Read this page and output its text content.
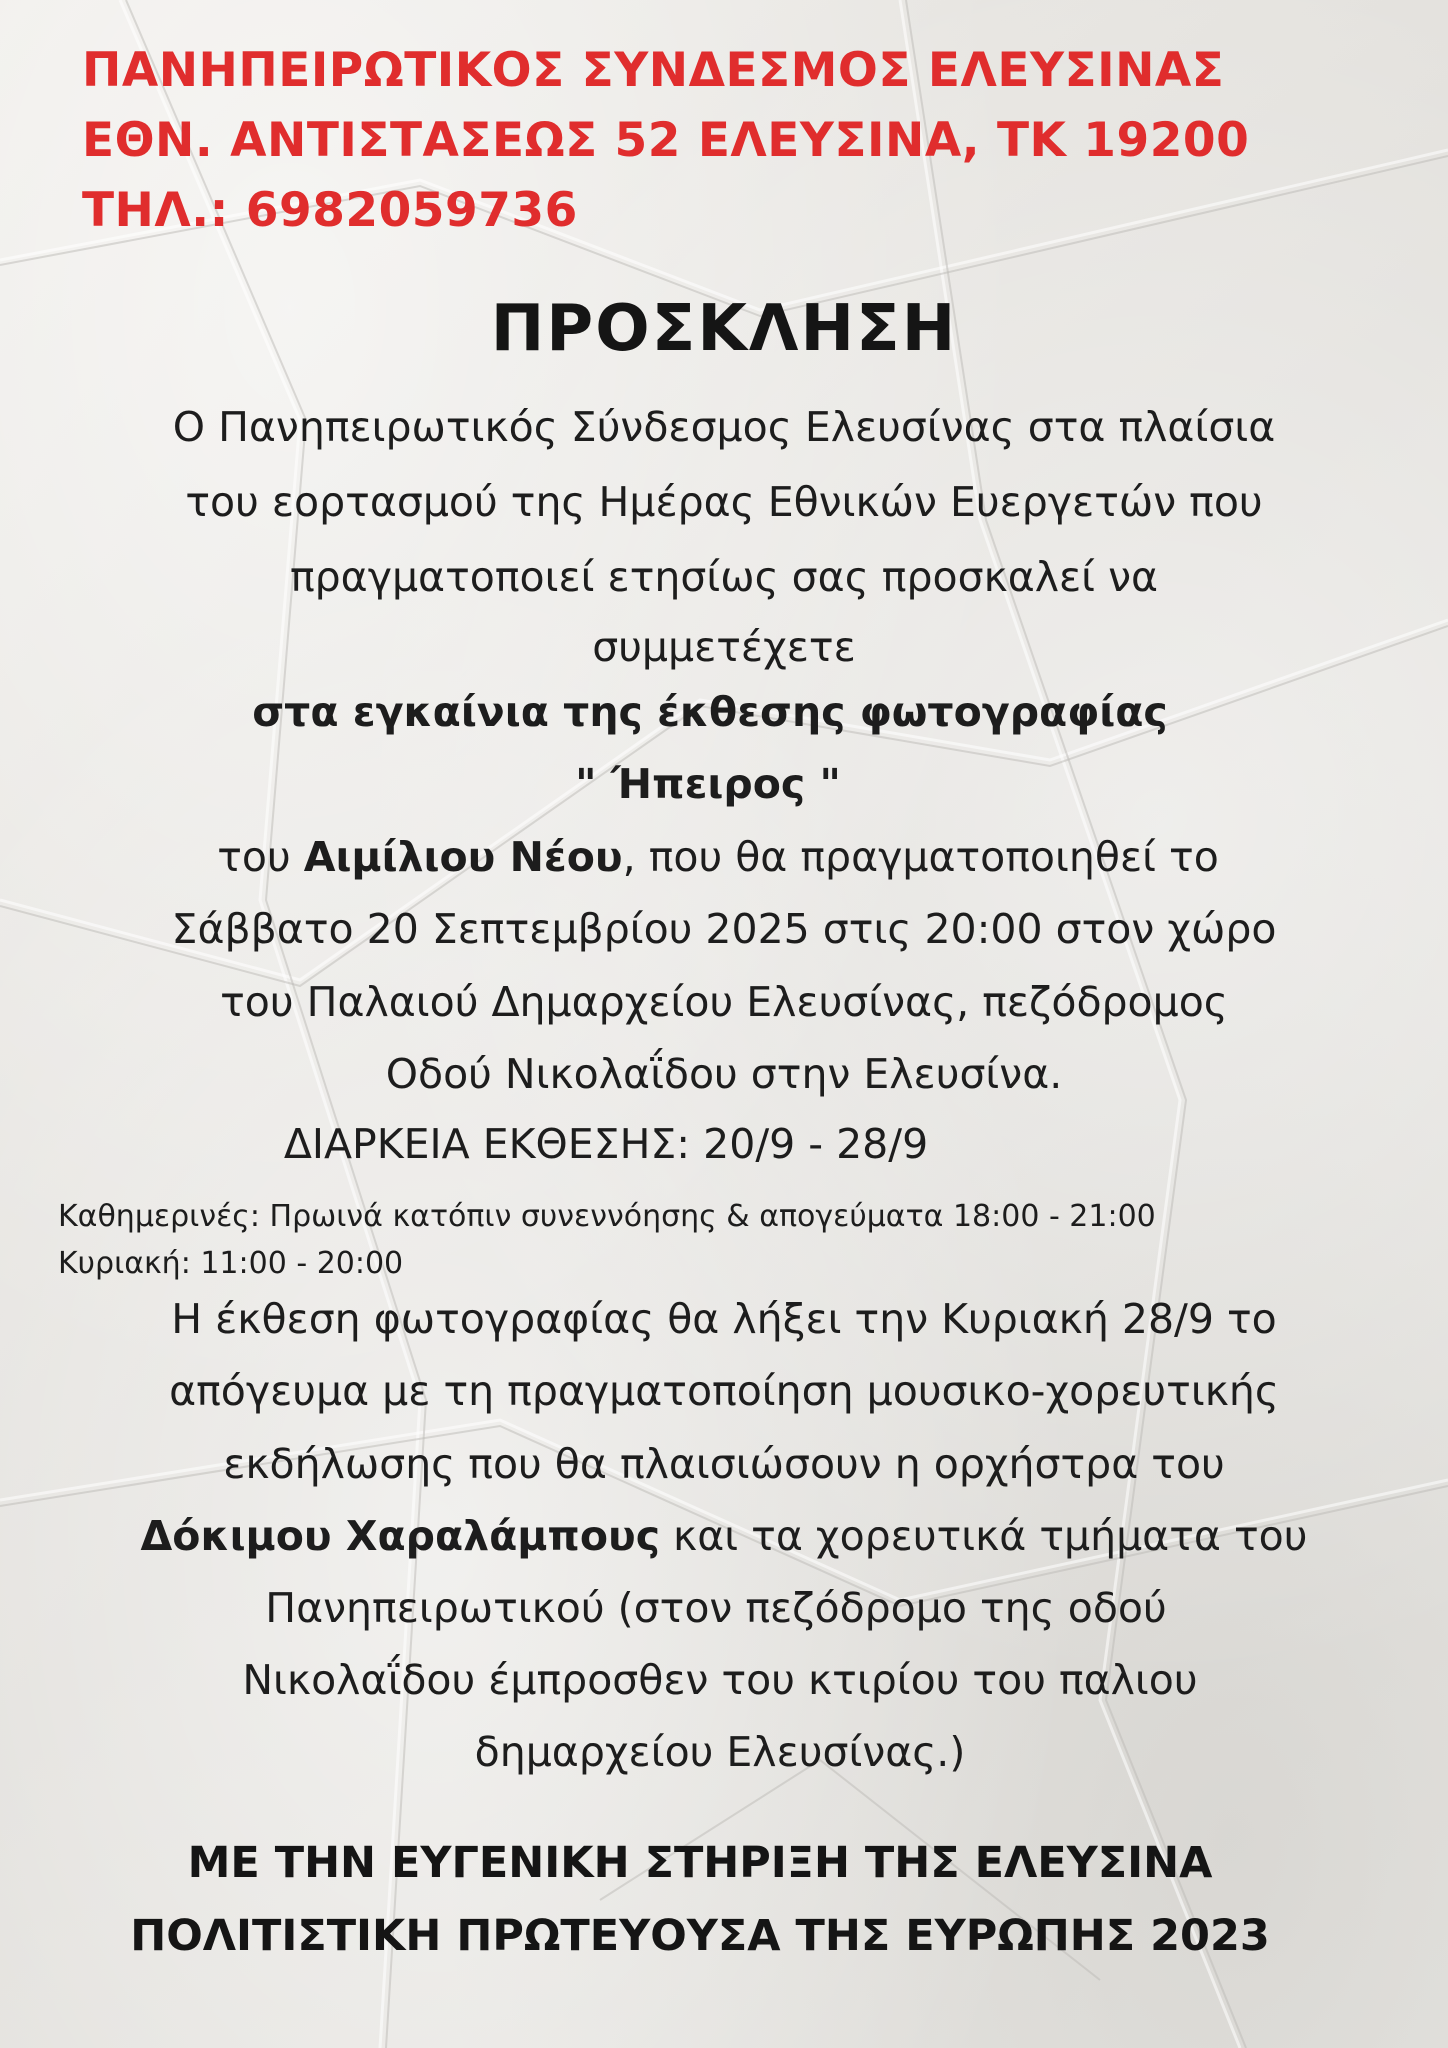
ΠΑΝΗΠΕΙΡΩΤΙΚΟΣ ΣΥΝΔΕΣΜΟΣ ΕΛΕΥΣΙΝΑΣ
ΕΘΝ. ΑΝΤΙΣΤΑΣΕΩΣ 52 ΕΛΕΥΣΙΝΑ, ΤΚ 19200
ΤΗΛ.: 6982059736
ΠΡΟΣΚΛΗΣΗ
Ο Πανηπειρωτικός Σύνδεσμος Ελευσίνας στα πλαίσια
του εορτασμού της Ημέρας Εθνικών Ευεργετών που
πραγματοποιεί ετησίως σας προσκαλεί να
συμμετέχετε
στα εγκαίνια της έκθεσης φωτογραφίας
" Ήπειρος "
του Αιμίλιου Νέου, που θα πραγματοποιηθεί το
Σάββατο 20 Σεπτεμβρίου 2025 στις 20:00 στον χώρο
του Παλαιού Δημαρχείου Ελευσίνας, πεζόδρομος
Οδού Νικολαΐδου στην Ελευσίνα.
ΔΙΑΡΚΕΙΑ ΕΚΘΕΣΗΣ: 20/9 - 28/9
Καθημερινές: Πρωινά κατόπιν συνεννόησης & απογεύματα 18:00 - 21:00
Κυριακή: 11:00 - 20:00
Η έκθεση φωτογραφίας θα λήξει την Κυριακή 28/9 το
απόγευμα με τη πραγματοποίηση μουσικο-χορευτικής
εκδήλωσης που θα πλαισιώσουν η ορχήστρα του
Δόκιμου Χαραλάμπους και τα χορευτικά τμήματα του
Πανηπειρωτικού (στον πεζόδρομο της οδού
Νικολαΐδου έμπροσθεν του κτιρίου του παλιου
δημαρχείου Ελευσίνας.)
ΜΕ ΤΗΝ ΕΥΓΕΝΙΚΗ ΣΤΗΡΙΞΗ ΤΗΣ ΕΛΕΥΣΙΝΑ
ΠΟΛΙΤΙΣΤΙΚΗ ΠΡΩΤΕΥΟΥΣΑ ΤΗΣ ΕΥΡΩΠΗΣ 2023
